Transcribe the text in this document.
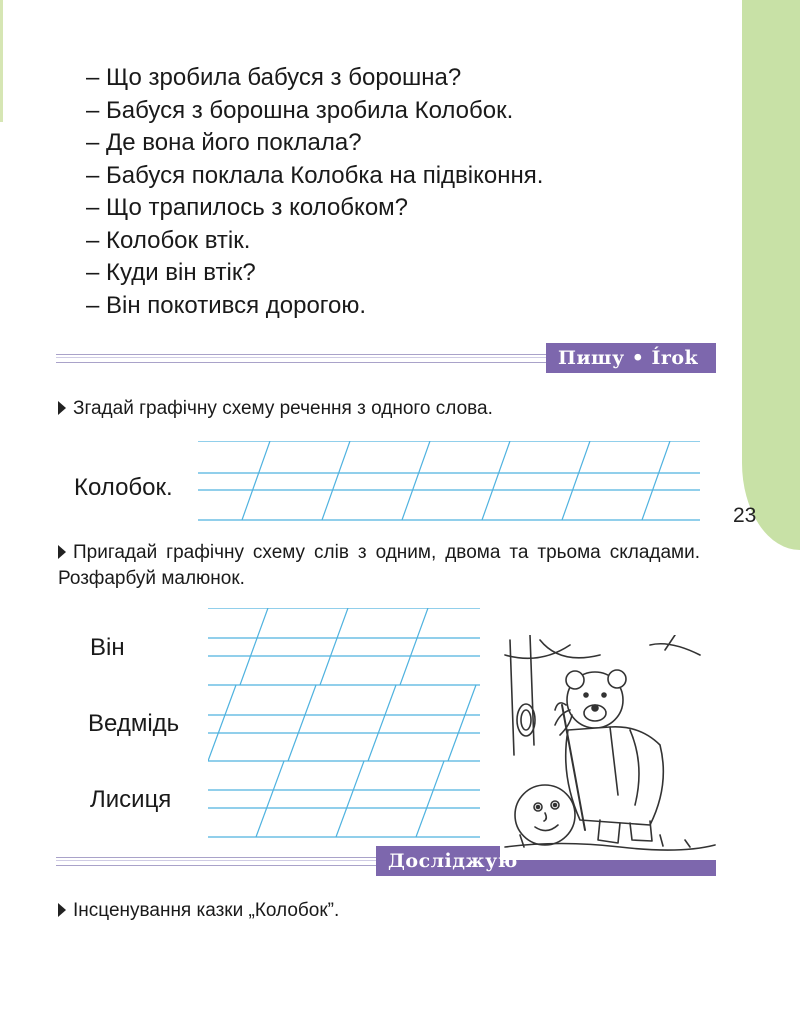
23
– Що зробила бабуся з борошна?
– Бабуся з борошна зробила Колобок.
– Де вона його поклала?
– Бабуся поклала Колобка на підвіконня.
– Що трапилось з колобком?
– Колобок втік.
– Куди він втік?
– Він покотився дорогою.
Пишу • Írok
Згадай графічну схему речення з одного слова.
Колобок.
Пригадай графічну схему слів з одним, двома та трьома складами. Розфарбуй малюнок.
Він
Ведмідь
Лисиця
Досліджую
Інсценування казки „Колобок”.
